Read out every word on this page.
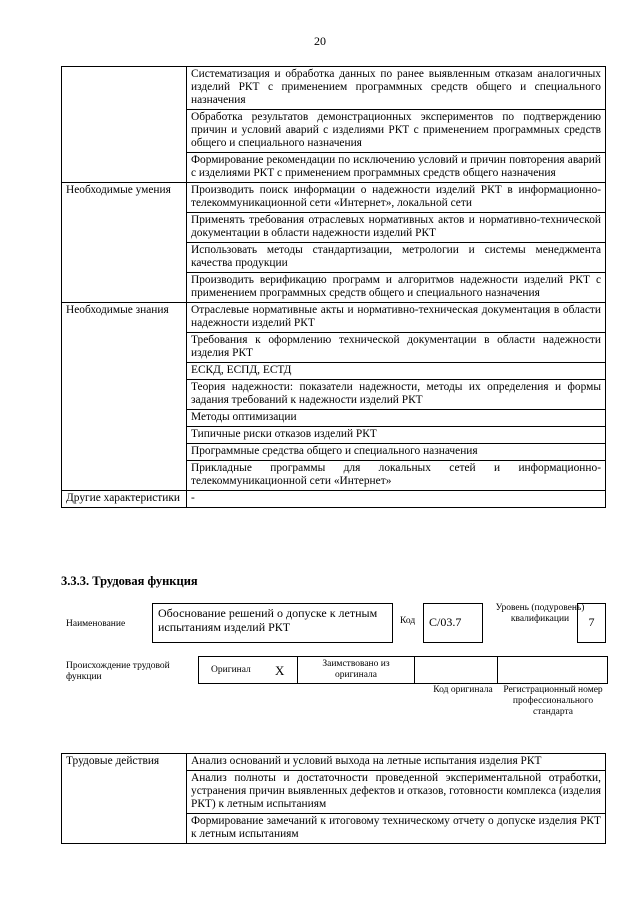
20
	Систематизация и обработка данных по ранее выявленным отказам аналогичных изделий РКТ с применением программных средств общего и специального назначения
	Обработка результатов демонстрационных экспериментов по подтверждению причин и условий аварий с изделиями РКТ с применением программных средств общего и специального назначения
	Формирование рекомендации по исключению условий и причин повторения аварий с изделиями РКТ с применением программных средств общего назначения
Необходимые умения	Производить поиск информации о надежности изделий РКТ в информационно-телекоммуникационной сети «Интернет», локальной сети
	Применять требования отраслевых нормативных актов и нормативно-технической документации в области надежности изделий РКТ
	Использовать методы стандартизации, метрологии и системы менеджмента качества продукции
	Производить верификацию программ и алгоритмов надежности изделий РКТ с применением программных средств общего и специального назначения
Необходимые знания	Отраслевые нормативные акты и нормативно-техническая документация в области надежности изделий РКТ
	Требования к оформлению технической документации в области надежности изделия РКТ
	ЕСКД, ЕСПД, ЕСТД
	Теория надежности: показатели надежности, методы их определения и формы задания требований к надежности изделий РКТ
	Методы оптимизации
	Типичные риски отказов изделий РКТ
	Программные средства общего и специального назначения
	Прикладные программы для локальных сетей и информационно-телекоммуникационной сети «Интернет»
Другие характеристики	-
3.3.3. Трудовая функция
Наименование
Обоснование решений о допуске к летным испытаниям изделий РКТ	Код	C/03.7
Уровень (подуровень) квалификации	7
Происхождение трудовой функции
Оригинал X	Заимствовано из оригинала
Код оригинала	Регистрационный номер профессионального стандарта
Трудовые действия	Анализ оснований и условий выхода на летные испытания изделия РКТ
Анализ полноты и достаточности проведенной экспериментальной отработки, устранения причин выявленных дефектов и отказов, готовности комплекса (изделия РКТ) к летным испытаниям
Формирование замечаний к итоговому техническому отчету о допуске изделия РКТ к летным испытаниям
